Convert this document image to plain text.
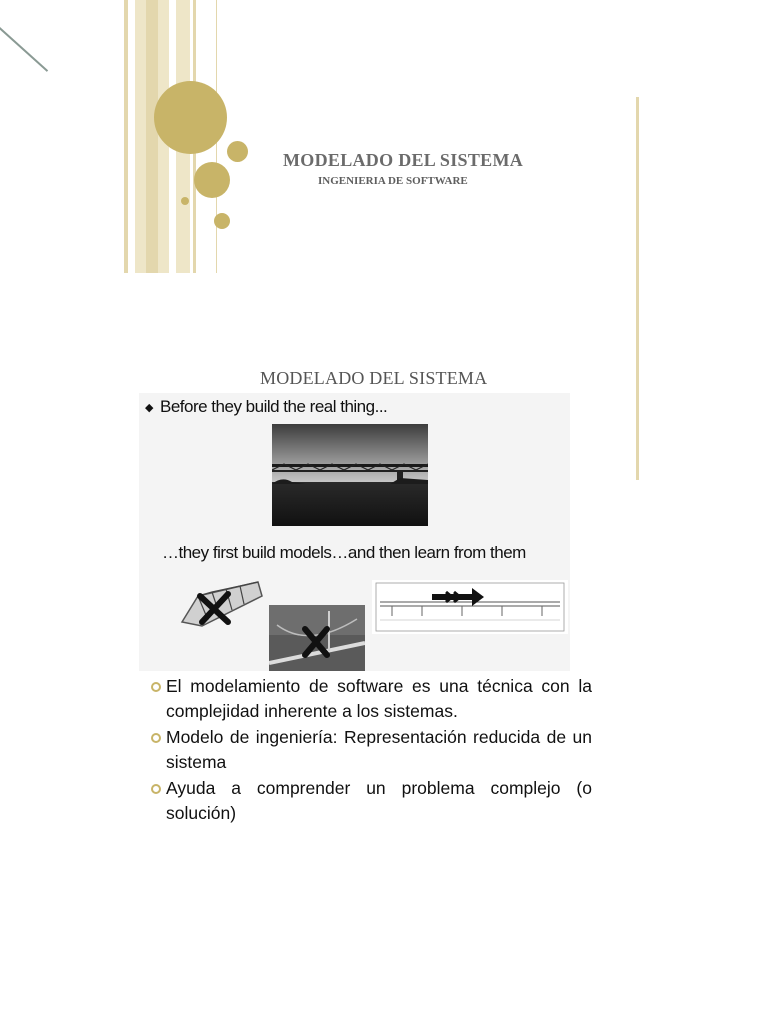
MODELADO DEL SISTEMA
INGENIERIA DE SOFTWARE
MODELADO DEL SISTEMA
◆ Before they build the real thing...
…they first build models…and then learn from them
El modelamiento de software es una técnica con la complejidad inherente a los sistemas.
Modelo de ingeniería: Representación reducida de un sistema
Ayuda a comprender un problema complejo (o solución)
